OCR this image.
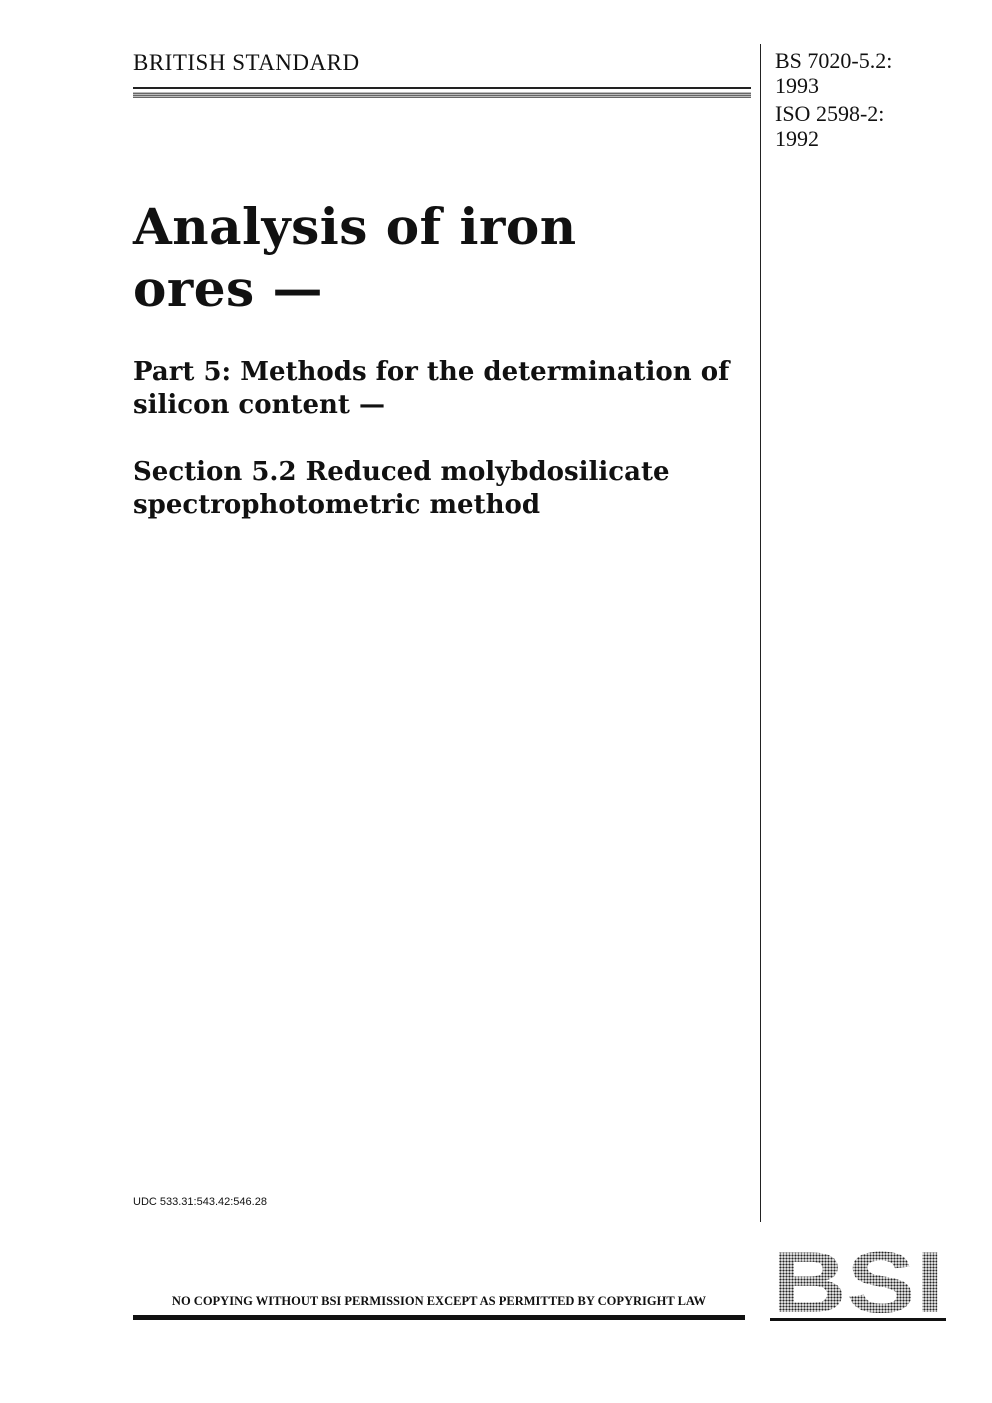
BRITISH STANDARD	BS 7020-5.2:
1993
ISO 2598-2:
1992
Analysis of iron
ores —
Part 5: Methods for the determination of
silicon content —
Section 5.2 Reduced molybdosilicate
spectrophotometric method
UDC 533.31:543.42:546.28
NO COPYING WITHOUT BSI PERMISSION EXCEPT AS PERMITTED BY COPYRIGHT LAW
